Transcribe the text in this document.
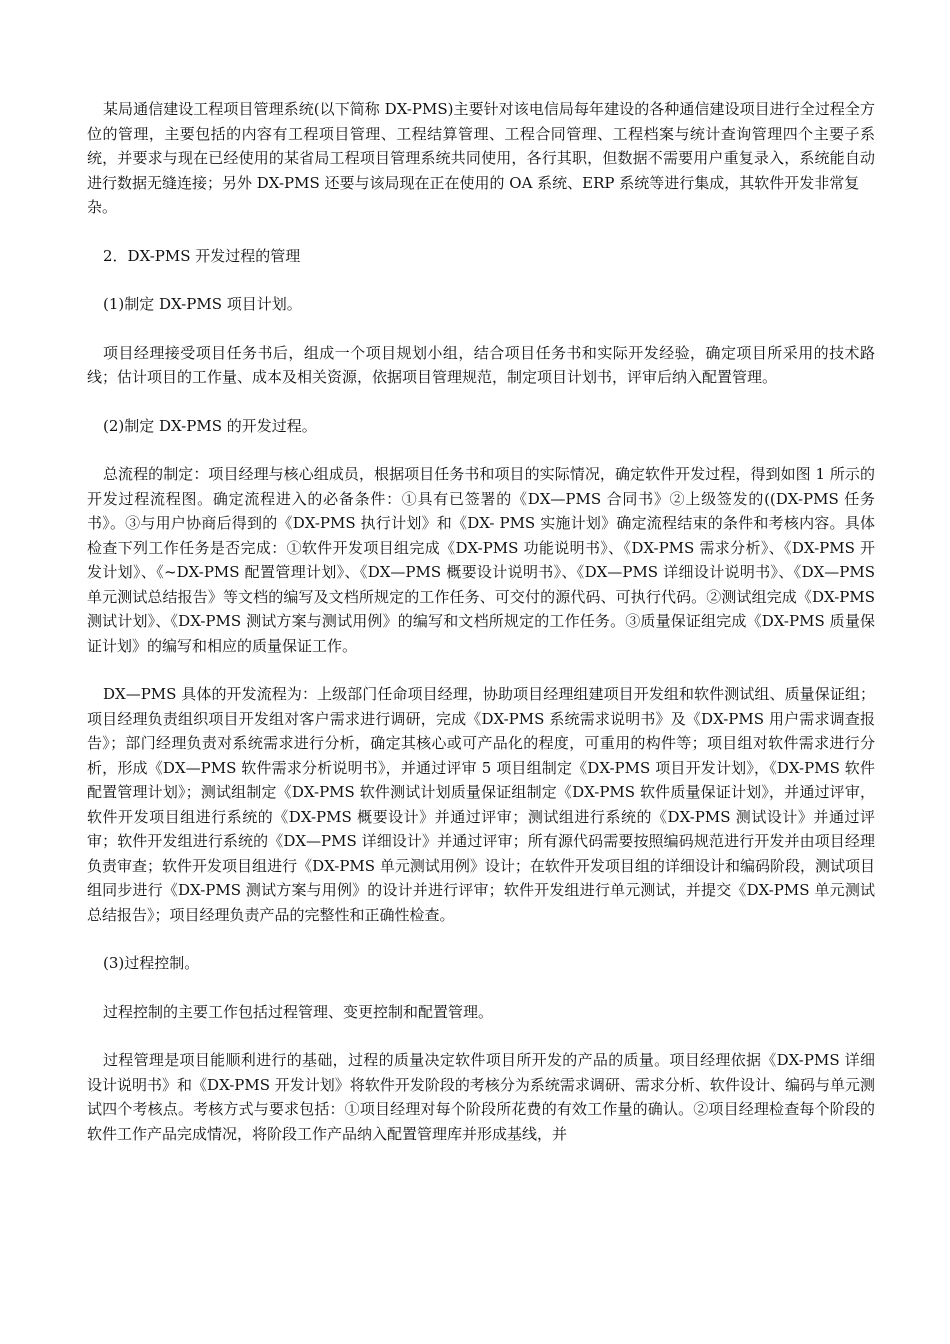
某局通信建设工程项目管理系统(以下简称 DX-PMS)主要针对该电信局每年建设的各种通信建设项目进行全过程全方位的管理，主要包括的内容有工程项目管理、工程结算管理、工程合同管理、工程档案与统计查询管理四个主要子系统，并要求与现在已经使用的某省局工程项目管理系统共同使用，各行其职，但数据不需要用户重复录入，系统能自动进行数据无缝连接；另外 DX-PMS 还要与该局现在正在使用的 OA 系统、ERP 系统等进行集成，其软件开发非常复

杂。

2．DX-PMS 开发过程的管理

(1)制定 DX-PMS 项目计划。

项目经理接受项目任务书后，组成一个项目规划小组，结合项目任务书和实际开发经验，确定项目所采用的技术路线；估计项目的工作量、成本及相关资源，依据项目管理规范，制定项目计划书，评审后纳入配置管理。

(2)制定 DX-PMS 的开发过程。

总流程的制定：项目经理与核心组成员，根据项目任务书和项目的实际情况，确定软件开发过程，得到如图 1 所示的开发过程流程图。确定流程进入的必备条件：①具有已签署的《DX—PMS 合同书》②上级签发的((DX-PMS 任务书》。③与用户协商后得到的《DX-PMS 执行计划》和《DX- PMS 实施计划》确定流程结束的条件和考核内容。具体检查下列工作任务是否完成：①软件开发项目组完成《DX-PMS 功能说明书》、《DX-PMS 需求分析》、《DX-PMS 开发计划》、《~DX-PMS 配置管理计划》、《DX—PMS 概要设计说明书》、《DX—PMS 详细设计说明书》、《DX—PMS 单元测试总结报告》等文档的编写及文档所规定的工作任务、可交付的源代码、可执行代码。②测试组完成《DX-PMS 测试计划》、《DX-PMS 测试方案与测试用例》的编写和文档所规定的工作任务。③质量保证组完成《DX-PMS 质量保证计划》的编写和相应的质量保证工作。

DX—PMS 具体的开发流程为：上级部门任命项目经理，协助项目经理组建项目开发组和软件测试组、质量保证组；项目经理负责组织项目开发组对客户需求进行调研，完成《DX-PMS 系统需求说明书》及《DX-PMS 用户需求调查报告》；部门经理负责对系统需求进行分析，确定其核心或可产品化的程度，可重用的构件等；项目组对软件需求进行分析，形成《DX—PMS 软件需求分析说明书》，并通过评审 5 项目组制定《DX-PMS 项目开发计划》，《DX-PMS 软件配置管理计划》；测试组制定《DX-PMS 软件测试计划质量保证组制定《DX-PMS 软件质量保证计划》，并通过评审，软件开发项目组进行系统的《DX-PMS 概要设计》并通过评审；测试组进行系统的《DX-PMS 测试设计》并通过评审；软件开发组进行系统的《DX—PMS 详细设计》并通过评审；所有源代码需要按照编码规范进行开发并由项目经理负责审查；软件开发项目组进行《DX-PMS 单元测试用例》设计；在软件开发项目组的详细设计和编码阶段，测试项目组同步进行《DX-PMS 测试方案与用例》的设计并进行评审；软件开发组进行单元测试，并提交《DX-PMS 单元测试总结报告》；项目经理负责产品的完整性和正确性检查。

(3)过程控制。

过程控制的主要工作包括过程管理、变更控制和配置管理。

过程管理是项目能顺利进行的基础，过程的质量决定软件项目所开发的产品的质量。项目经理依据《DX-PMS 详细设计说明书》和《DX-PMS 开发计划》将软件开发阶段的考核分为系统需求调研、需求分析、软件设计、编码与单元测试四个考核点。考核方式与要求包括：①项目经理对每个阶段所花费的有效工作量的确认。②项目经理检查每个阶段的软件工作产品完成情况，将阶段工作产品纳入配置管理库并形成基线，并
